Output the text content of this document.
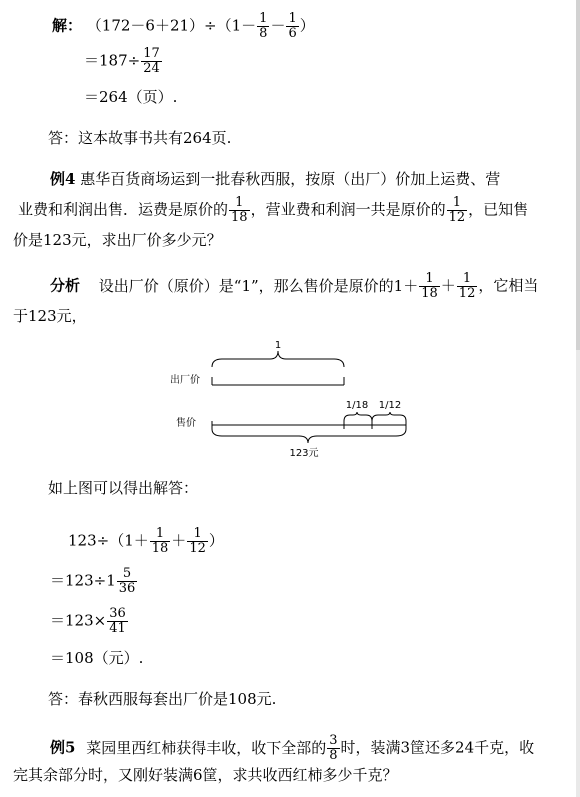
解： $(172-6+21)\div(1- \frac{1}{8} - \frac{1}{6}$ ）
$=187\div \frac{17}{24}$
＝264（页）.
答：这本故事书共有264页.
例4 惠华百货商场运到一批春秋西服，按原（出厂）价加上运费、营
业费和利润出售．运费是原价的 $\frac{1}{18}$ ，营业费和利润一共是原价的 $\frac{1}{12}$ ，已知售
价是123元，求出厂价多少元？
分析 设出厂价（原价）是“1”，那么售价是原价的$1+ \frac{1}{18} + \frac{1}{12}$ ，它相当
于123元，
1
出厂价
1/18 1/12
售价
123元
如上图可以得出解答：
$123\div(1+ \frac{1}{18} + \frac{1}{12}$ ）
$=123\div 1 \frac{5}{36}$
$=123\times \frac{36}{41}$
＝108（元）.
答：春秋西服每套出厂价是108元.
例5 菜园里西红柿获得丰收，收下全部的 $\frac{3}{8}$ 时，装满3筐还多24千克，收
完其余部分时，又刚好装满6筐，求共收西红柿多少千克？
